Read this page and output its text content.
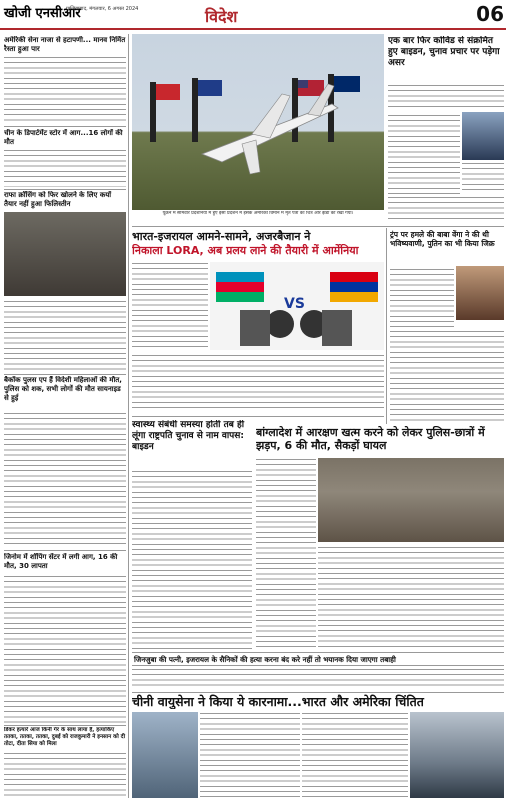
खोजी एनसीआर
गाजियाबाद, मंगलवार, 6 अगस्त 2024	विदेश	06
अमेरिकी सेना नाजा से हटापणी... मानव निर्मित रैस्ता हुआ पार
चीन के डिपार्टमेंट स्टोर में आग...16 लोगों की मौत
राफा क्रॉसिंग को फिर खोलने के लिए कयों तैयार नहीं हुआ फिलिस्तीन
बैकॉक पुलस एप हैं विदेशी महिलाओं की मौत, पुलिस को शक, सभी लोगों की मौत सायनाइड से हुई
जिनोम में शॉपिंग सेंटर में लगी आग, 16 की मौत, 30 लापता
डिकर हत्यारे आज किनी गेर के साथ लाया है, हत्याकिए ततका, ततका, ततका, दुबई को राजकुमारी ने इनसान को दी तोटा, दीता सिया को मिला
यूक्रेन में सोमवार प्रदर्शनियों में हुए इसी प्रदर्शन में इसके अमेरिकी विमान में मृत पत्रों का चित्र और झंडों को रखा गया।
एक बार फिर कोविड से संक्रमित हुए बाइडन, चुनाव प्रचार पर पड़ेगा असर
भारत-इजरायल आमने-सामने, अजरबैजान ने
निकाला LORA, अब प्रलय लाने की तैयारी में आर्मेनिया
VS
ट्रंप पर हमले की बाबा वेंगा ने की थी भविष्यवाणी, पुतिन का भी किया जिक्र
स्वास्थ्य संबंधी समस्या होती तब ही लूंगा राष्ट्रपति चुनाव से नाम वापस: बाइडन
बांग्लादेश में आरक्षण खत्म करने को लेकर पुलिस-छात्रों में झड़प, 6 की मौत, सैकड़ों घायल
जिनजुबा की पत्नी, इजरायल के सैनिकों की हत्या करना बंद करे नहीं तो भयानक दिया जाएगा तबाही
चीनी वायुसेना ने किया ये कारनामा...भारत और अमेरिका चिंतित
